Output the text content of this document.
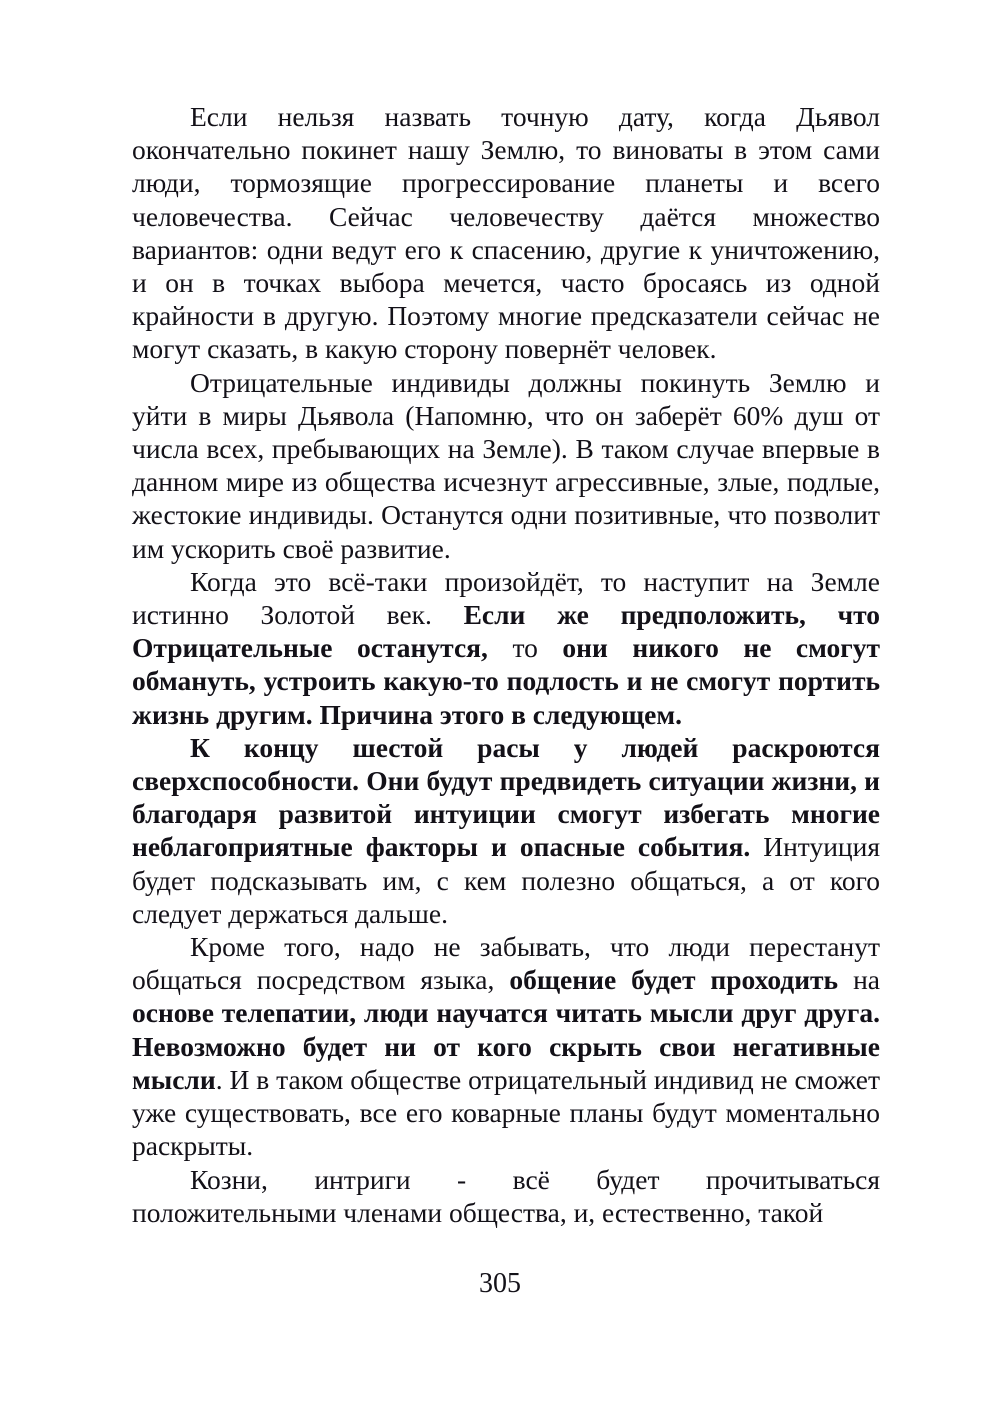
Если нельзя назвать точную дату, когда Дьявол окончательно покинет нашу Землю, то виноваты в этом сами люди, тормозящие прогрессирование планеты и всего человечества. Сейчас человечеству даётся множество вариантов: одни ведут его к спасению, другие к уничтожению, и он в точках выбора мечется, часто бросаясь из одной крайности в другую. Поэтому многие предсказатели сейчас не могут сказать, в какую сторону повернёт человек.

Отрицательные индивиды должны покинуть Землю и уйти в миры Дьявола (Напомню, что он заберёт 60% душ от числа всех, пребывающих на Земле). В таком случае впервые в данном мире из общества исчезнут агрессивные, злые, подлые, жестокие индивиды. Останутся одни позитивные, что позволит им ускорить своё развитие.

Когда это всё-таки произойдёт, то наступит на Земле истинно Золотой век. Если же предположить, что Отрицательные останутся, то они никого не смогут обмануть, устроить какую-то подлость и не смогут портить жизнь другим. Причина этого в следующем.

К концу шестой расы у людей раскроются сверхспособности. Они будут предвидеть ситуации жизни, и благодаря развитой интуиции смогут избегать многие неблагоприятные факторы и опасные события. Интуиция будет подсказывать им, с кем полезно общаться, а от кого следует держаться дальше.

Кроме того, надо не забывать, что люди перестанут общаться посредством языка, общение будет проходить на основе телепатии, люди научатся читать мысли друг друга. Невозможно будет ни от кого скрыть свои негативные мысли. И в таком обществе отрицательный индивид не сможет уже существовать, все его коварные планы будут моментально раскрыты.

Козни, интриги - всё будет прочитываться положительными членами общества, и, естественно, такой

305
